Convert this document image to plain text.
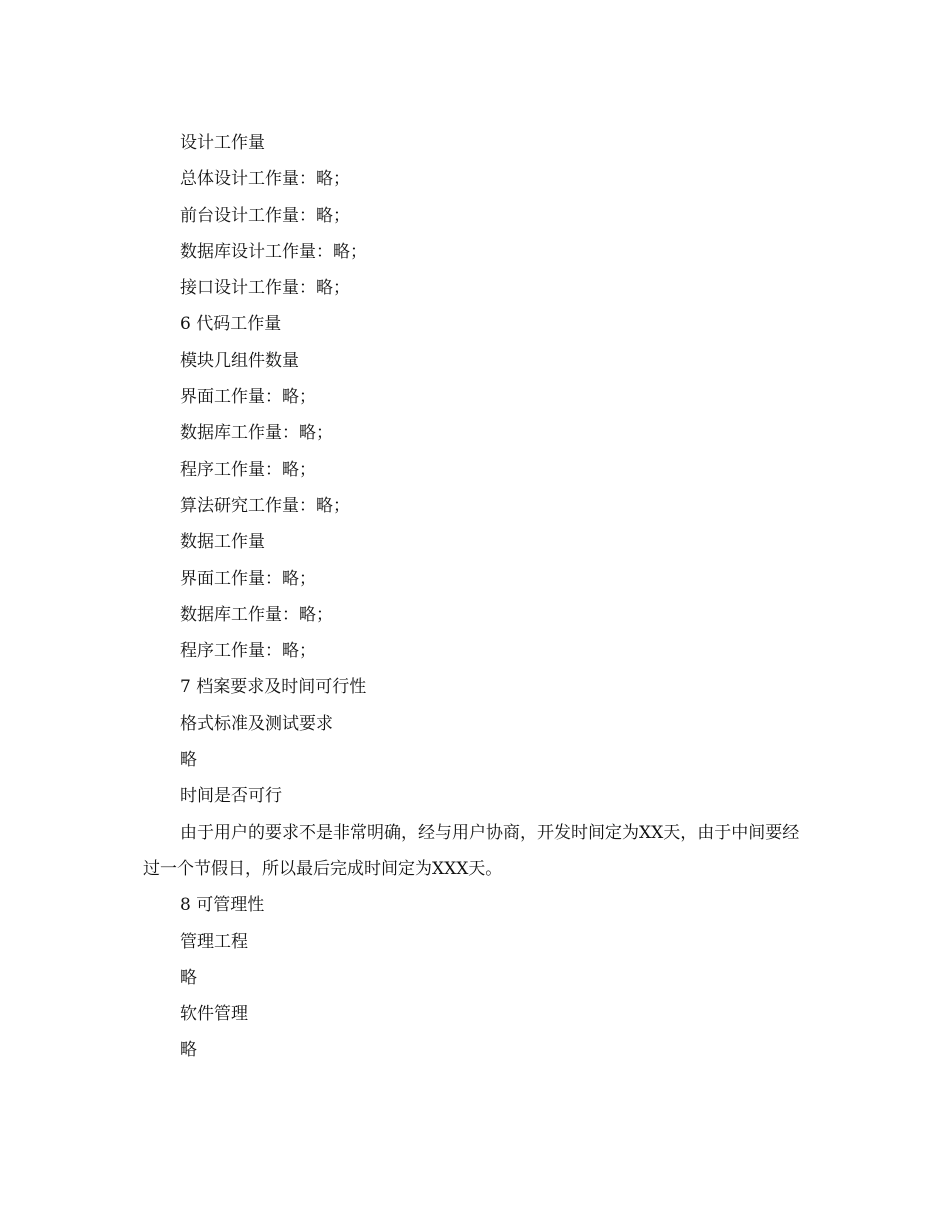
设计工作量
总体设计工作量：略；
前台设计工作量：略；
数据库设计工作量：略；
接口设计工作量：略；
6 代码工作量
模块几组件数量
界面工作量：略；
数据库工作量：略；
程序工作量：略；
算法研究工作量：略；
数据工作量
界面工作量：略；
数据库工作量：略；
程序工作量：略；
7 档案要求及时间可行性
格式标准及测试要求
略
时间是否可行
由于用户的要求不是非常明确，经与用户协商，开发时间定为XX天，由于中间要经过一个节假日，所以最后完成时间定为XXX天。
8 可管理性
管理工程
略
软件管理
略
